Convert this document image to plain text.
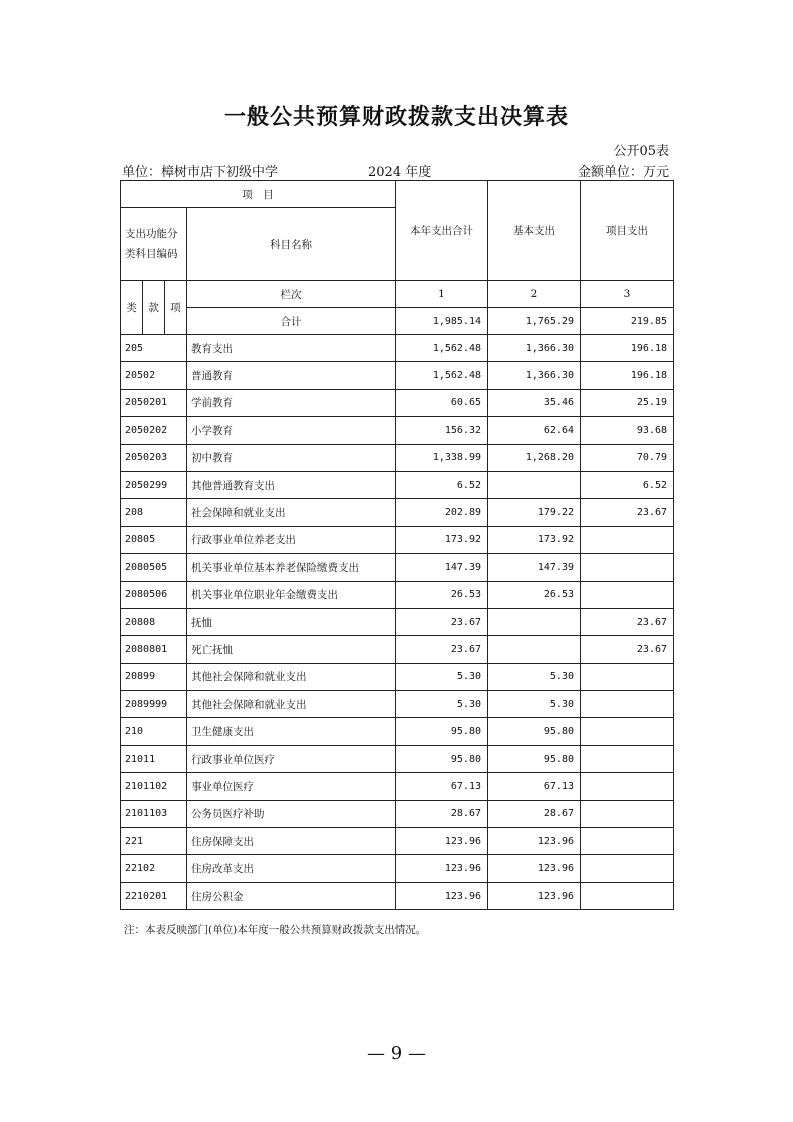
一般公共预算财政拨款支出决算表
公开05表
单位：樟树市店下初级中学	2024 年度	金额单位：万元
项　目				本年支出合计	基本支出	项目支出
支出功能分类科目编码			科目名称			
类	款	项	栏次	1	2	3
			合计	1,985.14	1,765.29	219.85
205			教育支出	1,562.48	1,366.30	196.18
20502			普通教育	1,562.48	1,366.30	196.18
2050201			学前教育	60.65	35.46	25.19
2050202			小学教育	156.32	62.64	93.68
2050203			初中教育	1,338.99	1,268.20	70.79
2050299			其他普通教育支出	6.52		6.52
208			社会保障和就业支出	202.89	179.22	23.67
20805			行政事业单位养老支出	173.92	173.92	
2080505			机关事业单位基本养老保险缴费支出	147.39	147.39	
2080506			机关事业单位职业年金缴费支出	26.53	26.53	
20808			抚恤	23.67		23.67
2080801			死亡抚恤	23.67		23.67
20899			其他社会保障和就业支出	5.30	5.30	
2089999			其他社会保障和就业支出	5.30	5.30	
210			卫生健康支出	95.80	95.80	
21011			行政事业单位医疗	95.80	95.80	
2101102			事业单位医疗	67.13	67.13	
2101103			公务员医疗补助	28.67	28.67	
221			住房保障支出	123.96	123.96	
22102			住房改革支出	123.96	123.96	
2210201			住房公积金	123.96	123.96	
注：本表反映部门(单位)本年度一般公共预算财政拨款支出情况。
— 9 —
